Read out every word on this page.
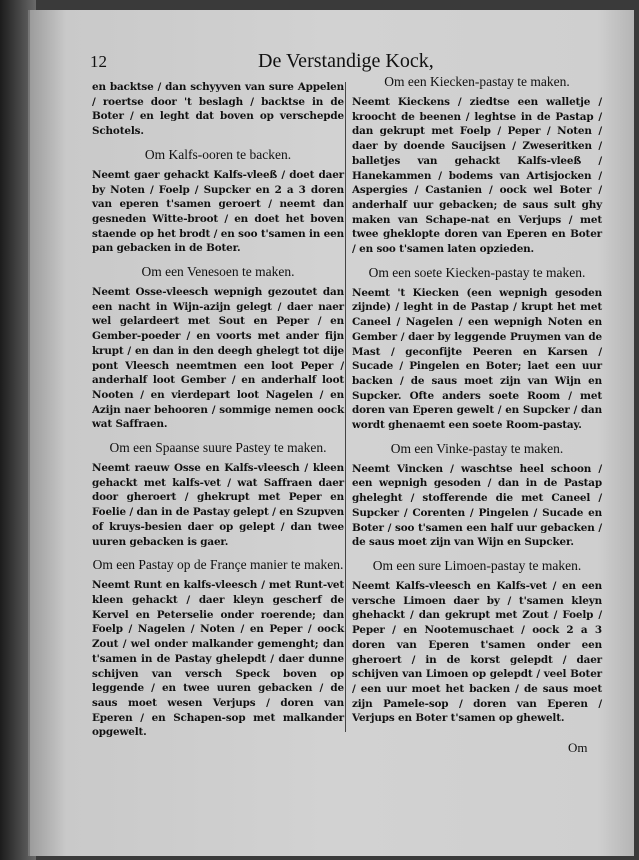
12	De Verstandige Kock,

en backtse / dan schyyven van sure Appelen / roertse door 't beslagh / backtse in de Boter / en leght dat boven op verschepde Schotels.

Om Kalfs-ooren te backen.

Neemt gaer gehackt Kalfs-vleeß / doet daer by Noten / Foelp / Supcker en 2 a 3 doren van eperen t'samen geroert / neemt dan gesneden Witte-broot / en doet het boven staende op het brodt / en soo t'samen in een pan gebacken in de Boter.

Om een Venesoen te maken.

Neemt Osse-vleesch wepnigh gezoutet dan een nacht in Wijn-azijn gelegt / daer naer wel gelardeert met Sout en Peper / en Gember-poeder / en voorts met ander fijn krupt / en dan in den deegh ghelegt tot dije pont Vleesch neemtmen een loot Peper / anderhalf loot Gember / en anderhalf loot Nooten / en vierdepart loot Nagelen / en Azijn naer behooren / sommige nemen oock wat Saffraen.

Om een Spaanse suure Pastey te maken.

Neemt raeuw Osse en Kalfs-vleesch / kleen gehackt met kalfs-vet / wat Saffraen daer door gheroert / ghekrupt met Peper en Foelie / dan in de Pastay gelept / en Szupven of kruys-besien daer op gelept / dan twee uuren gebacken is gaer.

Om een Pastay op de Françe manier te maken.

Neemt Runt en kalfs-vleesch / met Runt-vet kleen gehackt / daer kleyn gescherf de Kervel en Peterselie onder roerende; dan Foelp / Nagelen / Noten / en Peper / oock Zout / wel onder malkander gemenght; dan t'samen in de Pastay ghelepdt / daer dunne schijven van versch Speck boven op leggende / en twee uuren gebacken / de saus moet wesen Verjups / doren van Eperen / en Schapen-sop met malkander opgewelt.

Om een Kiecken-pastay te maken.

Neemt Kieckens / ziedtse een walletje / kroocht de beenen / leghtse in de Pastap / dan gekrupt met Foelp / Peper / Noten / daer by doende Saucijsen / Zweseritken / balletjes van gehackt Kalfs-vleeß / Hanekammen / bodems van Artisjocken / Aspergies / Castanien / oock wel Boter / anderhalf uur gebacken; de saus sult ghy maken van Schape-nat en Verjups / met twee gheklopte doren van Eperen en Boter / en soo t'samen laten opzieden.

Om een soete Kiecken-pastay te maken.

Neemt 't Kiecken (een wepnigh gesoden zijnde) / leght in de Pastap / krupt het met Caneel / Nagelen / een wepnigh Noten en Gember / daer by leggende Pruymen van de Mast / geconfijte Peeren en Karsen / Sucade / Pingelen en Boter; laet een uur backen / de saus moet zijn van Wijn en Supcker. Ofte anders soete Room / met doren van Eperen gewelt / en Supcker / dan wordt ghenaemt een soete Room-pastay.

Om een Vinke-pastay te maken.

Neemt Vincken / waschtse heel schoon / een wepnigh gesoden / dan in de Pastap gheleght / stofferende die met Caneel / Supcker / Corenten / Pingelen / Sucade en Boter / soo t'samen een half uur gebacken / de saus moet zijn van Wijn en Supcker.

Om een sure Limoen-pastay te maken.

Neemt Kalfs-vleesch en Kalfs-vet / en een versche Limoen daer by / t'samen kleyn ghehackt / dan gekrupt met Zout / Foelp / Peper / en Nootemuschaet / oock 2 a 3 doren van Eperen t'samen onder een gheroert / in de korst gelepdt / daer schijven van Limoen op gelepdt / veel Boter / een uur moet het backen / de saus moet zijn Pamele-sop / doren van Eperen / Verjups en Boter t'samen op ghewelt.

Om
